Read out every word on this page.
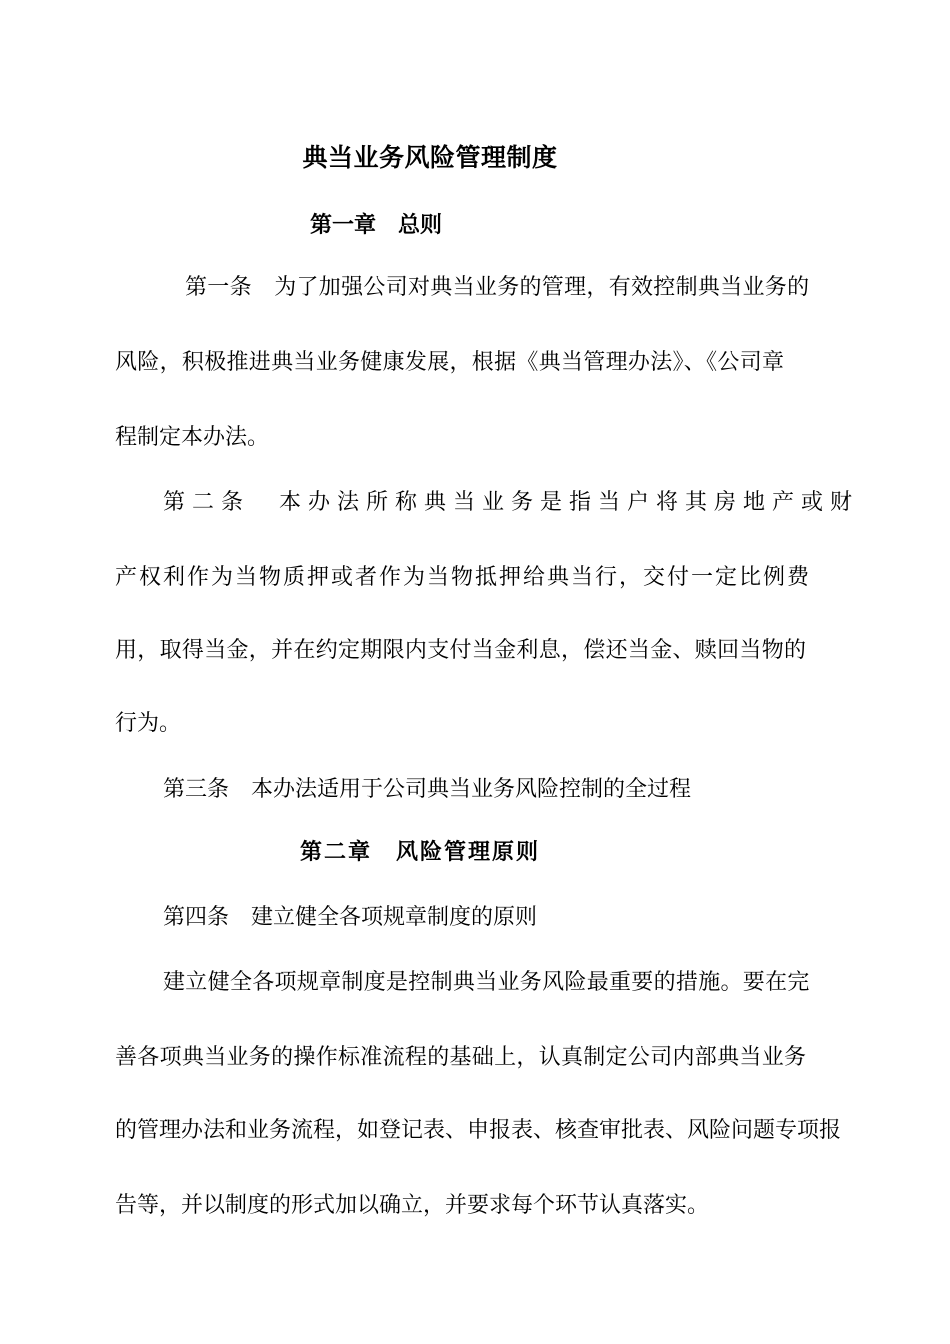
典当业务风险管理制度
第一章　总则
第一条　为了加强公司对典当业务的管理，有效控制典当业务的
风险，积极推进典当业务健康发展，根据《典当管理办法》、《公司章
程制定本办法。
第二条　本办法所称典当业务是指当户将其房地产或财
产权利作为当物质押或者作为当物抵押给典当行，交付一定比例费
用，取得当金，并在约定期限内支付当金利息，偿还当金、赎回当物的
行为。
第三条　本办法适用于公司典当业务风险控制的全过程
第二章　风险管理原则
第四条　建立健全各项规章制度的原则
建立健全各项规章制度是控制典当业务风险最重要的措施。要在完
善各项典当业务的操作标准流程的基础上，认真制定公司内部典当业务
的管理办法和业务流程，如登记表、申报表、核查审批表、风险问题专项报
告等，并以制度的形式加以确立，并要求每个环节认真落实。
